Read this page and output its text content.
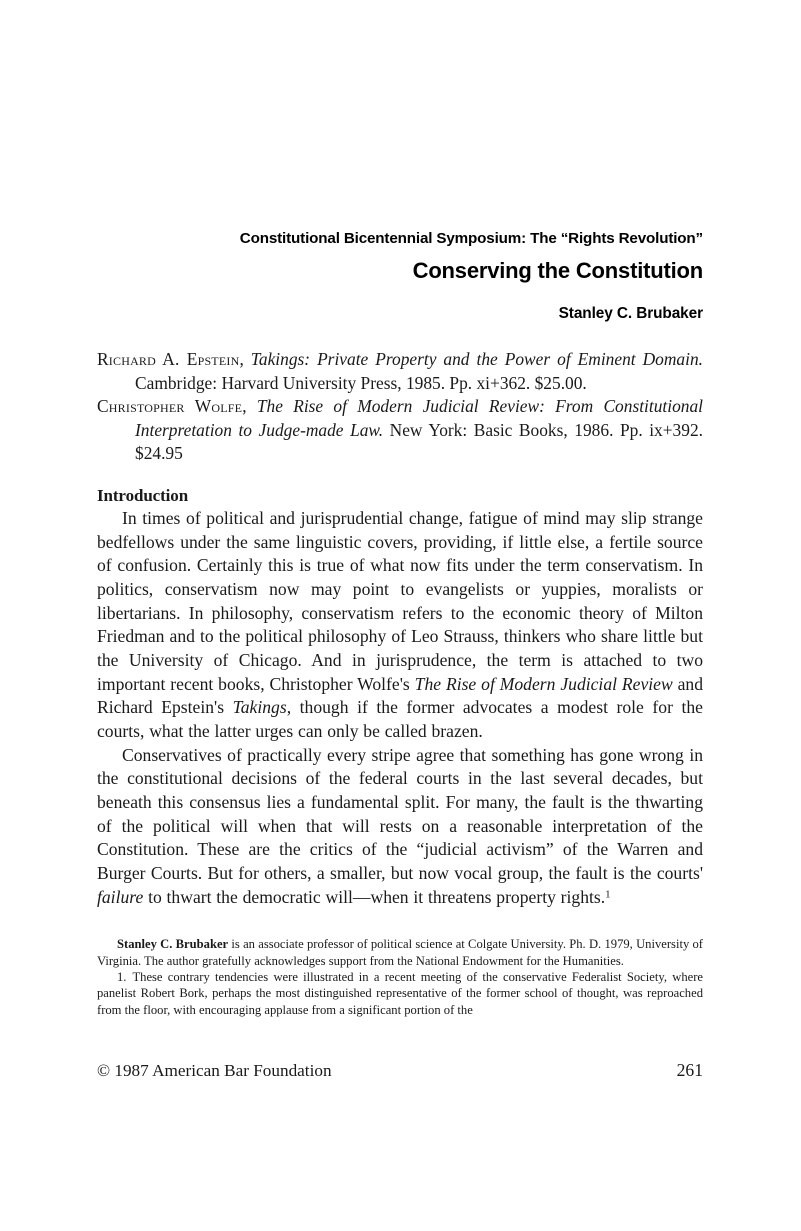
Constitutional Bicentennial Symposium: The “Rights Revolution”
Conserving the Constitution
Stanley C. Brubaker

Richard A. Epstein, Takings: Private Property and the Power of Eminent Domain. Cambridge: Harvard University Press, 1985. Pp. xi+362. $25.00.

Christopher Wolfe, The Rise of Modern Judicial Review: From Constitutional Interpretation to Judge-made Law. New York: Basic Books, 1986. Pp. ix+392. $24.95

Introduction

In times of political and jurisprudential change, fatigue of mind may slip strange bedfellows under the same linguistic covers, providing, if little else, a fertile source of confusion. Certainly this is true of what now fits under the term conservatism. In politics, conservatism now may point to evangelists or yuppies, moralists or libertarians. In philosophy, conservatism refers to the economic theory of Milton Friedman and to the political philosophy of Leo Strauss, thinkers who share little but the University of Chicago. And in jurisprudence, the term is attached to two important recent books, Christopher Wolfe's The Rise of Modern Judicial Review and Richard Epstein's Takings, though if the former advocates a modest role for the courts, what the latter urges can only be called brazen.

Conservatives of practically every stripe agree that something has gone wrong in the constitutional decisions of the federal courts in the last several decades, but beneath this consensus lies a fundamental split. For many, the fault is the thwarting of the political will when that will rests on a reasonable interpretation of the Constitution. These are the critics of the “judicial activism” of the Warren and Burger Courts. But for others, a smaller, but now vocal group, the fault is the courts' failure to thwart the democratic will—when it threatens property rights.$^1$

Stanley C. Brubaker is an associate professor of political science at Colgate University. Ph. D. 1979, University of Virginia. The author gratefully acknowledges support from the National Endowment for the Humanities.

1. These contrary tendencies were illustrated in a recent meeting of the conservative Federalist Society, where panelist Robert Bork, perhaps the most distinguished representative of the former school of thought, was reproached from the floor, with encouraging applause from a significant portion of the

© 1987 American Bar Foundation	261
